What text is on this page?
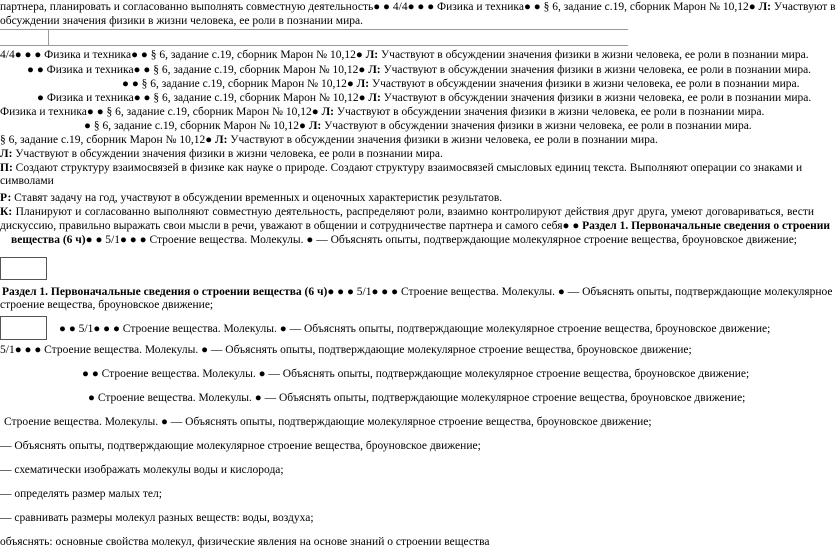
партнера, планировать и согласованно выполнять совместную деятельность● ● 4/4● ● ● Физика и техника● ● § 6, задание с.19, сборник Марон № 10,12● Л: Участвуют в
обсуждении значения физики в жизни человека, ее роли в познании мира.
4/4● ● ● Физика и техника● ● § 6, задание с.19, сборник Марон № 10,12● Л: Участвуют в обсуждении значения физики в жизни человека, ее роли в познании мира.
● ● Физика и техника● ● § 6, задание с.19, сборник Марон № 10,12● Л: Участвуют в обсуждении значения физики в жизни человека, ее роли в познании мира.
● ● § 6, задание с.19, сборник Марон № 10,12● Л: Участвуют в обсуждении значения физики в жизни человека, ее роли в познании мира.
● Физика и техника● ● § 6, задание с.19, сборник Марон № 10,12● Л: Участвуют в обсуждении значения физики в жизни человека, ее роли в познании мира.
Физика и техника● ● § 6, задание с.19, сборник Марон № 10,12● Л: Участвуют в обсуждении значения физики в жизни человека, ее роли в познании мира.
● § 6, задание с.19, сборник Марон № 10,12● Л: Участвуют в обсуждении значения физики в жизни человека, ее роли в познании мира.
§ 6, задание с.19, сборник Марон № 10,12● Л: Участвуют в обсуждении значения физики в жизни человека, ее роли в познании мира.
Л: Участвуют в обсуждении значения физики в жизни человека, ее роли в познании мира.
П: Создают структуру взаимосвязей в физике как науке о природе. Создают структуру взаимосвязей смысловых единиц текста. Выполняют операции со знаками и
символами
Р: Ставят задачу на год, участвуют в обсуждении временных и оценочных характеристик результатов.
К: Планируют и согласованно выполняют совместную деятельность, распределяют роли, взаимно контролируют действия друг друга, умеют договариваться, вести
дискуссию, правильно выражать свои мысли в речи, уважают в общении и сотрудничестве партнера и самого себя● ● Раздел 1. Первоначальные сведения о строении
вещества (6 ч)● ● 5/1● ● ● Строение вещества. Молекулы. ● — Объяснять опыты, подтверждающие молекулярное строение вещества, броуновское движение;
Раздел 1. Первоначальные сведения о строении вещества (6 ч)● ● ● 5/1● ● ● Строение вещества. Молекулы. ● — Объяснять опыты, подтверждающие молекулярное
строение вещества, броуновское движение;
● ● 5/1● ● ● Строение вещества. Молекулы. ● — Объяснять опыты, подтверждающие молекулярное строение вещества, броуновское движение;
5/1● ● ● Строение вещества. Молекулы. ● — Объяснять опыты, подтверждающие молекулярное строение вещества, броуновское движение;
● ● Строение вещества. Молекулы. ● — Объяснять опыты, подтверждающие молекулярное строение вещества, броуновское движение;
● Строение вещества. Молекулы. ● — Объяснять опыты, подтверждающие молекулярное строение вещества, броуновское движение;
Строение вещества. Молекулы. ● — Объяснять опыты, подтверждающие молекулярное строение вещества, броуновское движение;
— Объяснять опыты, подтверждающие молекулярное строение вещества, броуновское движение;
— схематически изображать молекулы воды и кислорода;
— определять размер малых тел;
— сравнивать размеры молекул разных веществ: воды, воздуха;
объяснять: основные свойства молекул, физические явления на основе знаний о строении вещества
